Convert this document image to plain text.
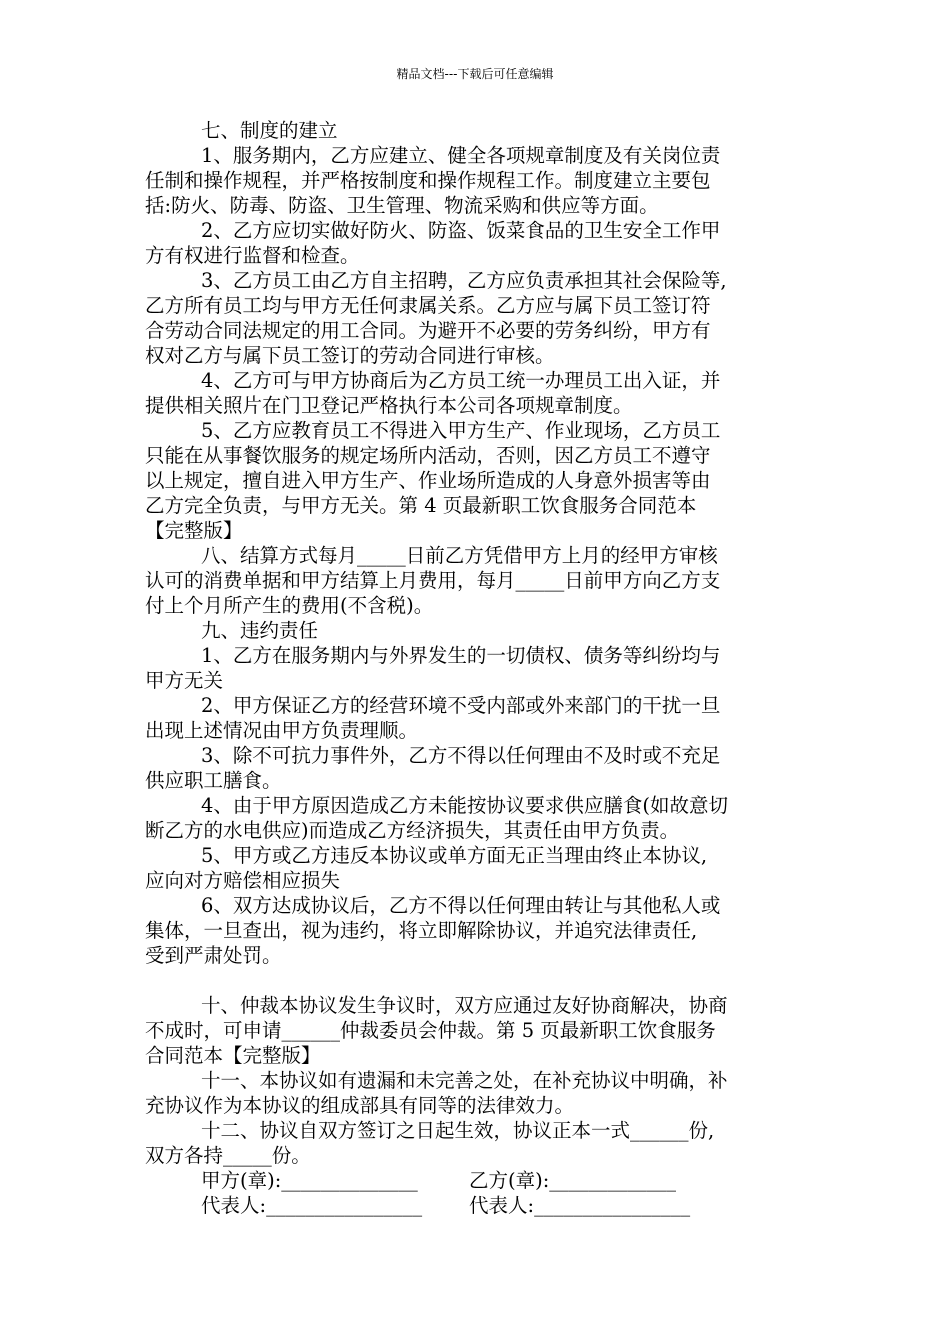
精品文档---下载后可任意编辑
七、制度的建立
1、服务期内，乙方应建立、健全各项规章制度及有关岗位责
任制和操作规程，并严格按制度和操作规程工作。制度建立主要包
括:防火、防毒、防盗、卫生管理、物流采购和供应等方面。
2、乙方应切实做好防火、防盗、饭菜食品的卫生安全工作甲
方有权进行监督和检查。
3、乙方员工由乙方自主招聘，乙方应负责承担其社会保险等,
乙方所有员工均与甲方无任何隶属关系。乙方应与属下员工签订符
合劳动合同法规定的用工合同。为避开不必要的劳务纠纷，甲方有
权对乙方与属下员工签订的劳动合同进行审核。
4、乙方可与甲方协商后为乙方员工统一办理员工出入证，并
提供相关照片在门卫登记严格执行本公司各项规章制度。
5、乙方应教育员工不得进入甲方生产、作业现场，乙方员工
只能在从事餐饮服务的规定场所内活动，否则，因乙方员工不遵守
以上规定，擅自进入甲方生产、作业场所造成的人身意外损害等由
乙方完全负责，与甲方无关。第 4 页最新职工饮食服务合同范本
【完整版】
八、结算方式每月_____日前乙方凭借甲方上月的经甲方审核
认可的消费单据和甲方结算上月费用，每月_____日前甲方向乙方支
付上个月所产生的费用(不含税)。
九、违约责任
1、乙方在服务期内与外界发生的一切债权、债务等纠纷均与
甲方无关
2、甲方保证乙方的经营环境不受内部或外来部门的干扰一旦
出现上述情况由甲方负责理顺。
3、除不可抗力事件外，乙方不得以任何理由不及时或不充足
供应职工膳食。
4、由于甲方原因造成乙方未能按协议要求供应膳食(如故意切
断乙方的水电供应)而造成乙方经济损失，其责任由甲方负责。
5、甲方或乙方违反本协议或单方面无正当理由终止本协议,
应向对方赔偿相应损失
6、双方达成协议后，乙方不得以任何理由转让与其他私人或
集体，一旦查出，视为违约，将立即解除协议，并追究法律责任,
受到严肃处罚。
十、仲裁本协议发生争议时，双方应通过友好协商解决，协商
不成时，可申请______仲裁委员会仲裁。第 5 页最新职工饮食服务
合同范本【完整版】
十一、本协议如有遗漏和未完善之处，在补充协议中明确，补
充协议作为本协议的组成部具有同等的法律效力。
十二、协议自双方签订之日起生效，协议正本一式______份,
双方各持_____份。
甲方(章):______________	乙方(章):_____________
代表人:________________ 代表人:________________
